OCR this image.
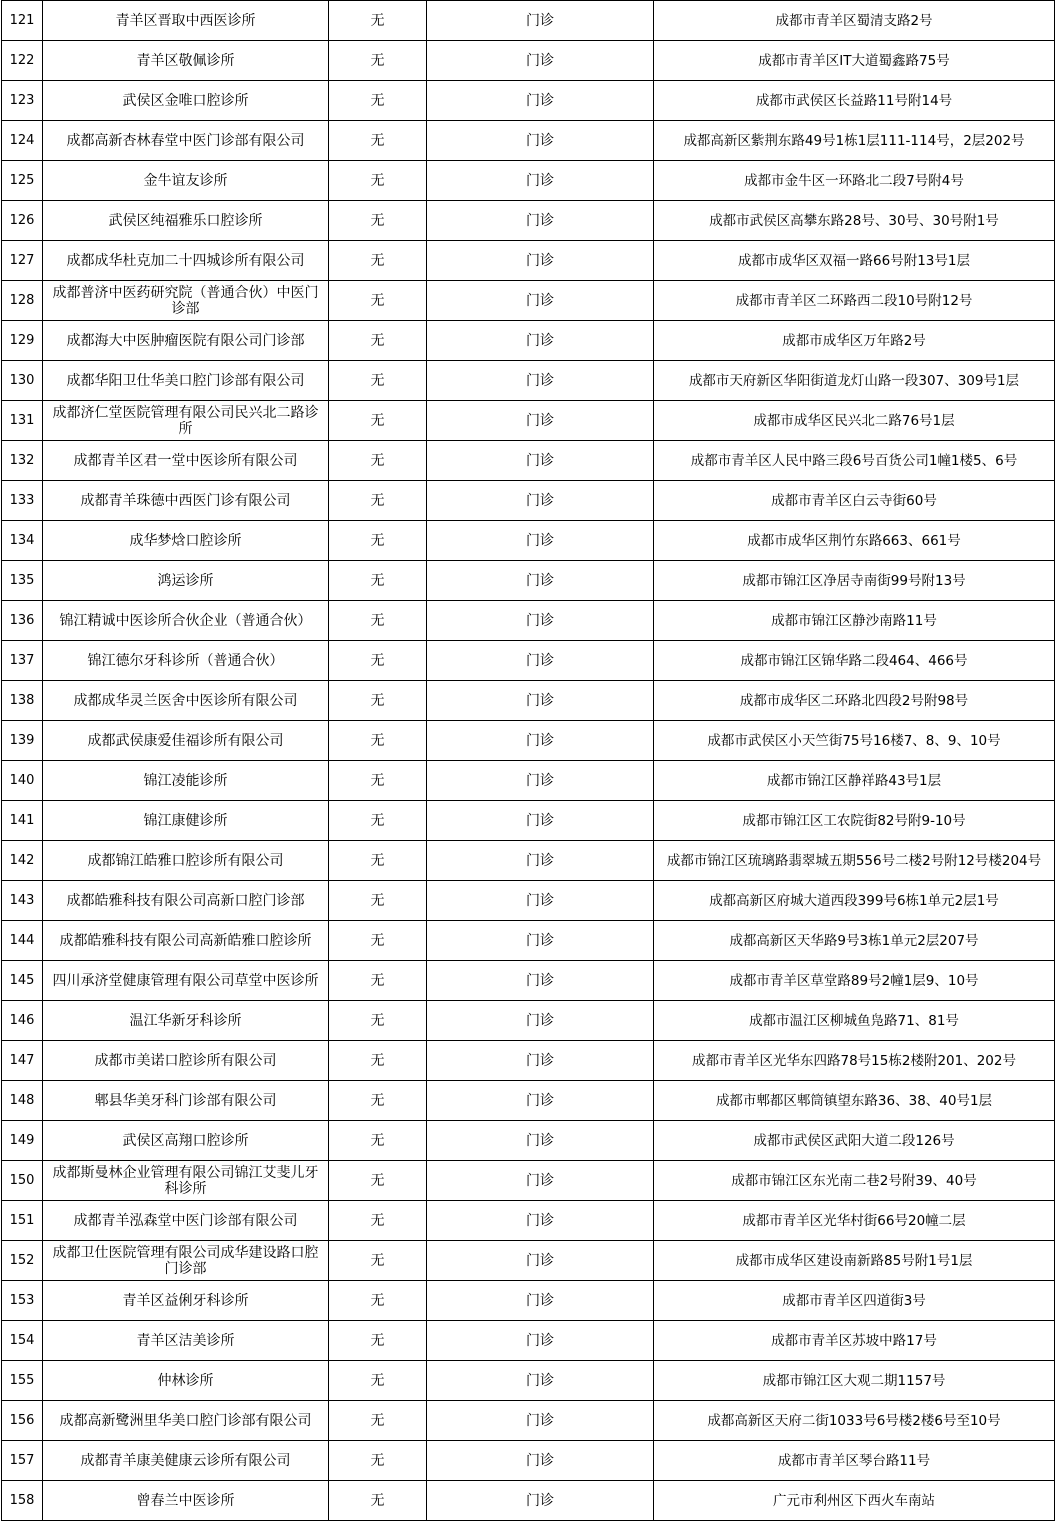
121	青羊区晋取中西医诊所	无	门诊	成都市青羊区蜀清支路2号
122	青羊区敬佩诊所	无	门诊	成都市青羊区IT大道蜀鑫路75号
123	武侯区金唯口腔诊所	无	门诊	成都市武侯区长益路11号附14号
124	成都高新杏林春堂中医门诊部有限公司	无	门诊	成都高新区紫荆东路49号1栋1层111-114号，2层202号
125	金牛谊友诊所	无	门诊	成都市金牛区一环路北二段7号附4号
126	武侯区纯福雅乐口腔诊所	无	门诊	成都市武侯区高攀东路28号、30号、30号附1号
127	成都成华杜克加二十四城诊所有限公司	无	门诊	成都市成华区双福一路66号附13号1层
128	成都普济中医药研究院（普通合伙）中医门诊部	无	门诊	成都市青羊区二环路西二段10号附12号
129	成都海大中医肿瘤医院有限公司门诊部	无	门诊	成都市成华区万年路2号
130	成都华阳卫仕华美口腔门诊部有限公司	无	门诊	成都市天府新区华阳街道龙灯山路一段307、309号1层
131	成都济仁堂医院管理有限公司民兴北二路诊所	无	门诊	成都市成华区民兴北二路76号1层
132	成都青羊区君一堂中医诊所有限公司	无	门诊	成都市青羊区人民中路三段6号百货公司1幢1楼5、6号
133	成都青羊珠德中西医门诊有限公司	无	门诊	成都市青羊区白云寺街60号
134	成华梦焓口腔诊所	无	门诊	成都市成华区荆竹东路663、661号
135	鸿运诊所	无	门诊	成都市锦江区净居寺南街99号附13号
136	锦江精诚中医诊所合伙企业（普通合伙）	无	门诊	成都市锦江区静沙南路11号
137	锦江德尔牙科诊所（普通合伙）	无	门诊	成都市锦江区锦华路二段464、466号
138	成都成华灵兰医舍中医诊所有限公司	无	门诊	成都市成华区二环路北四段2号附98号
139	成都武侯康爱佳福诊所有限公司	无	门诊	成都市武侯区小天竺街75号16楼7、8、9、10号
140	锦江凌能诊所	无	门诊	成都市锦江区静祥路43号1层
141	锦江康健诊所	无	门诊	成都市锦江区工农院街82号附9-10号
142	成都锦江皓雅口腔诊所有限公司	无	门诊	成都市锦江区琉璃路翡翠城五期556号二楼2号附12号楼204号
143	成都皓雅科技有限公司高新口腔门诊部	无	门诊	成都高新区府城大道西段399号6栋1单元2层1号
144	成都皓雅科技有限公司高新皓雅口腔诊所	无	门诊	成都高新区天华路9号3栋1单元2层207号
145	四川承济堂健康管理有限公司草堂中医诊所	无	门诊	成都市青羊区草堂路89号2幢1层9、10号
146	温江华新牙科诊所	无	门诊	成都市温江区柳城鱼凫路71、81号
147	成都市美诺口腔诊所有限公司	无	门诊	成都市青羊区光华东四路78号15栋2楼附201、202号
148	郫县华美牙科门诊部有限公司	无	门诊	成都市郫都区郫筒镇望东路36、38、40号1层
149	武侯区高翔口腔诊所	无	门诊	成都市武侯区武阳大道二段126号
150	成都斯曼林企业管理有限公司锦江艾斐儿牙科诊所	无	门诊	成都市锦江区东光南二巷2号附39、40号
151	成都青羊泓森堂中医门诊部有限公司	无	门诊	成都市青羊区光华村街66号20幢二层
152	成都卫仕医院管理有限公司成华建设路口腔门诊部	无	门诊	成都市成华区建设南新路85号附1号1层
153	青羊区益俐牙科诊所	无	门诊	成都市青羊区四道街3号
154	青羊区洁美诊所	无	门诊	成都市青羊区苏坡中路17号
155	仲林诊所	无	门诊	成都市锦江区大观二期1157号
156	成都高新鹭洲里华美口腔门诊部有限公司	无	门诊	成都高新区天府二街1033号6号楼2楼6号至10号
157	成都青羊康美健康云诊所有限公司	无	门诊	成都市青羊区琴台路11号
158	曾春兰中医诊所	无	门诊	广元市利州区下西火车南站
